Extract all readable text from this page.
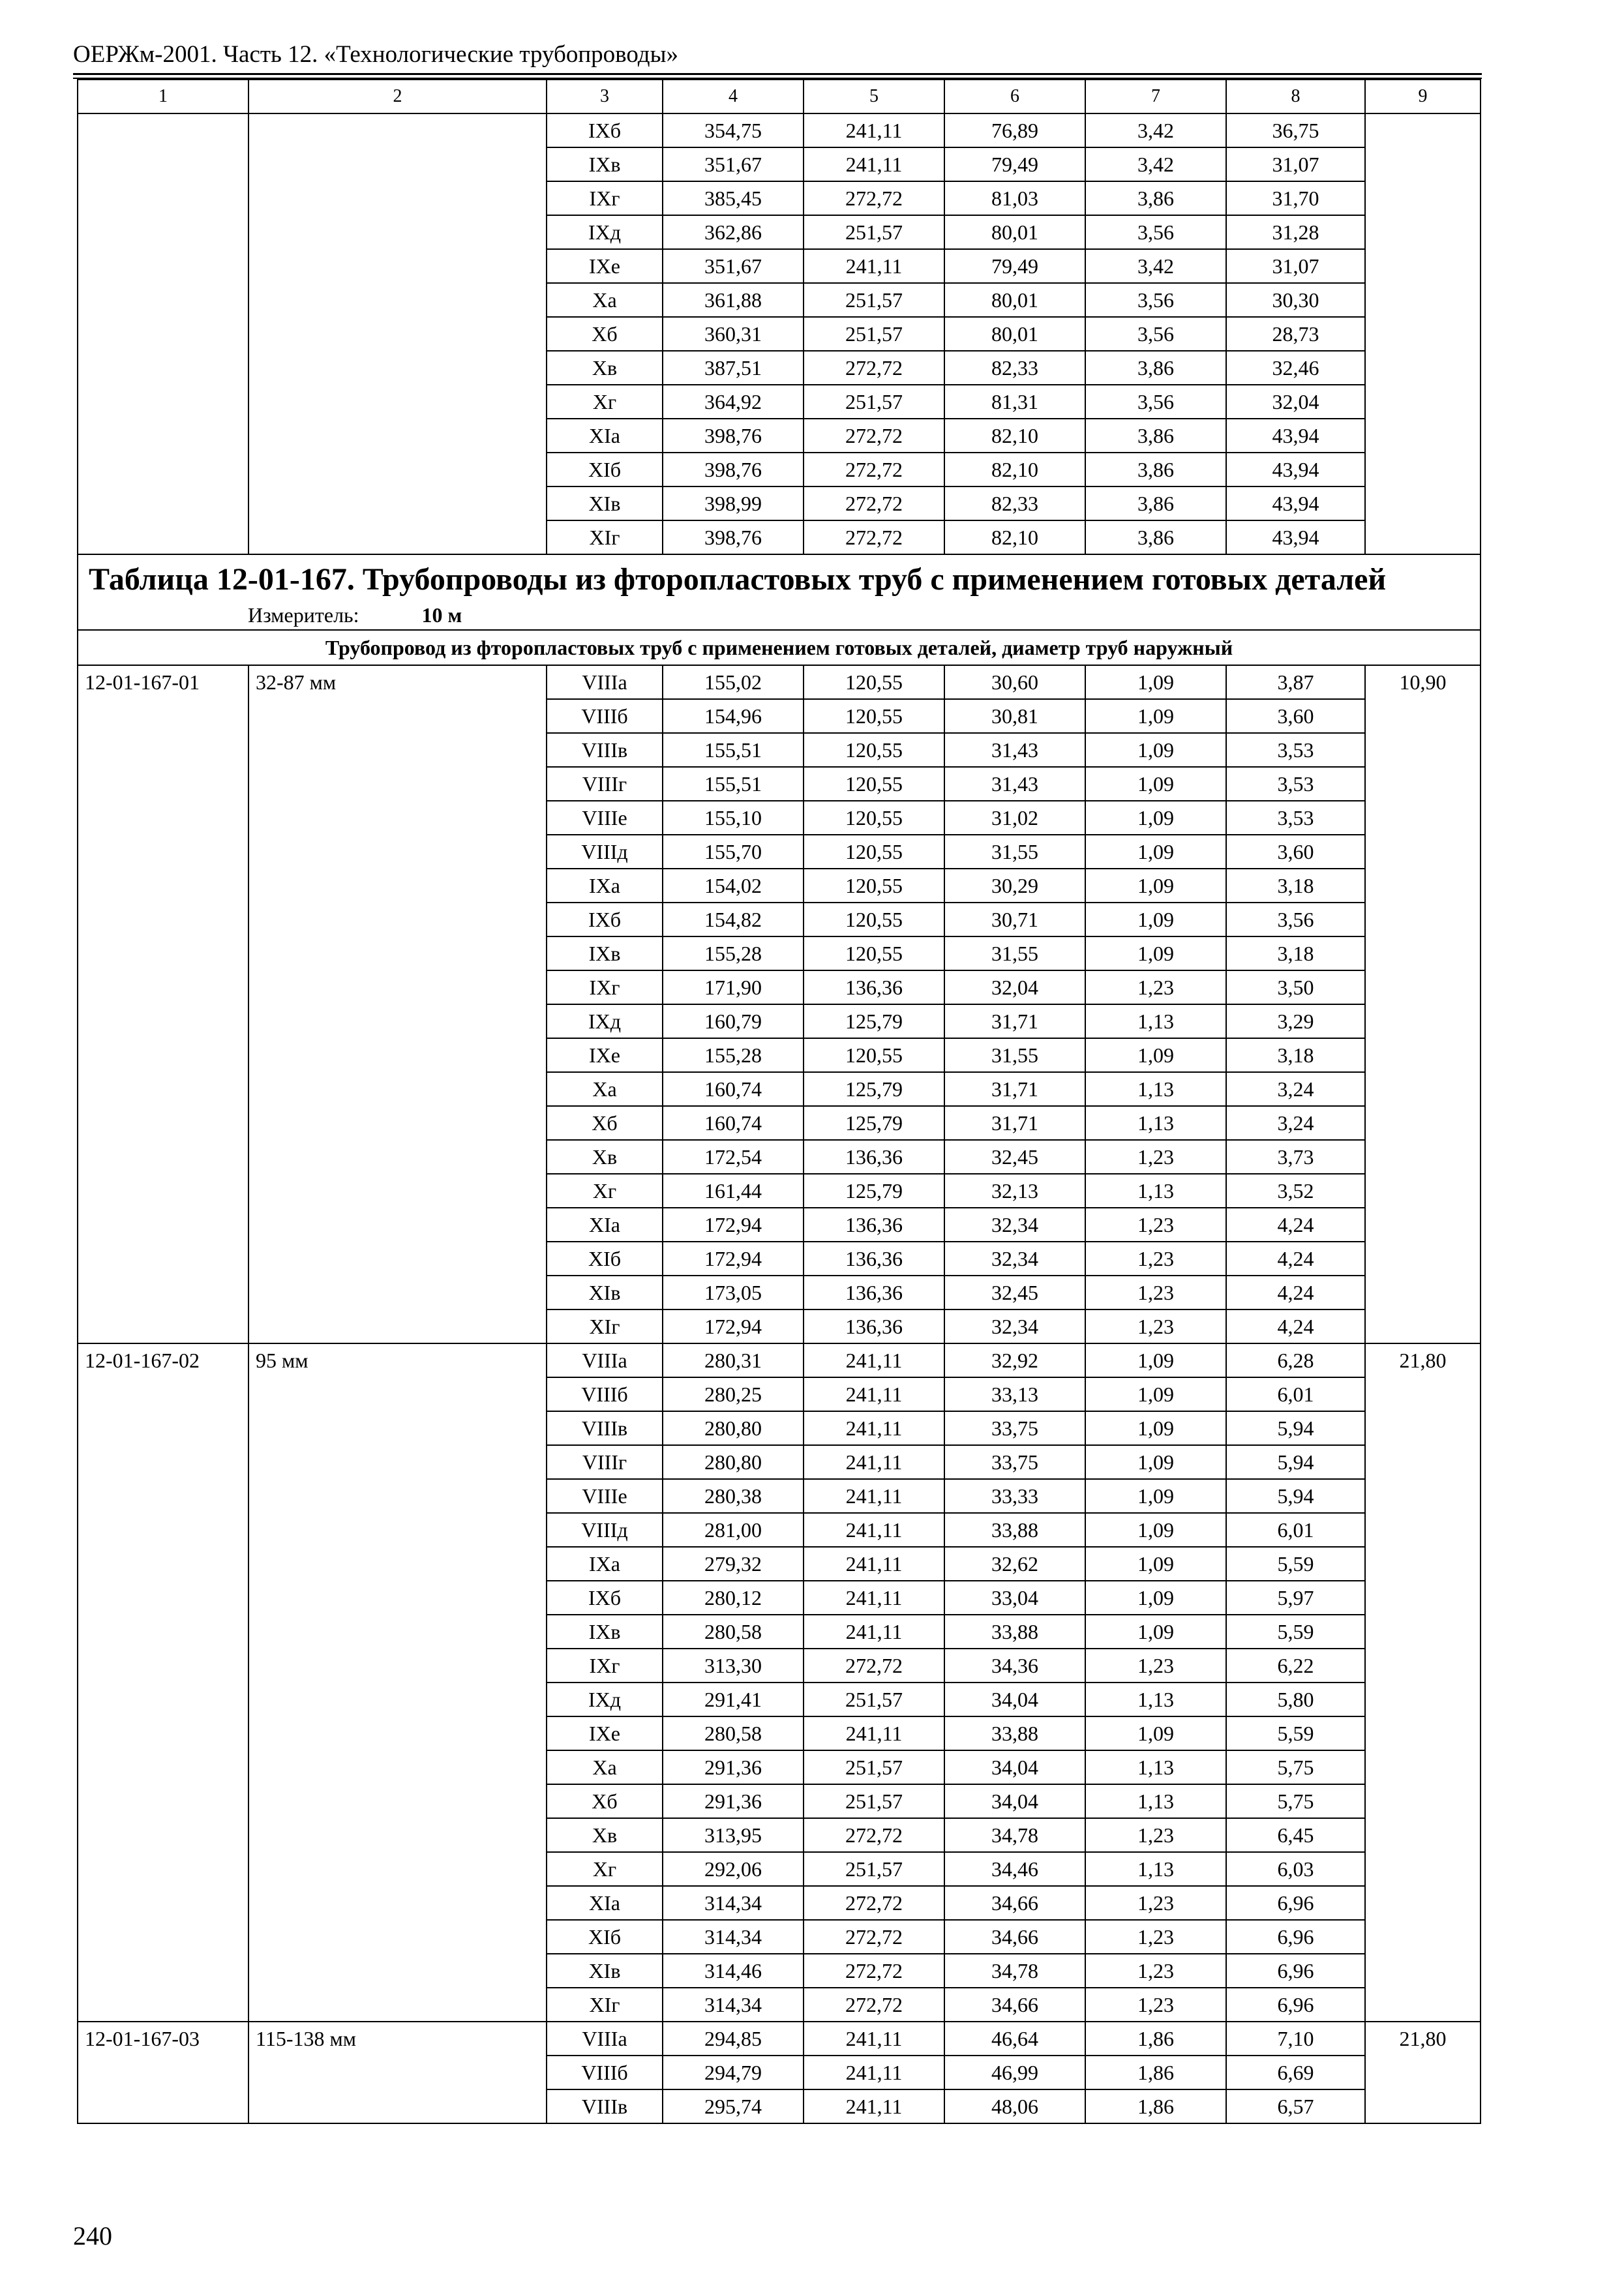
ОЕРЖм-2001. Часть 12. «Технологические трубопроводы»
1	2	3	4	5	6	7	8	9
		IXб	354,75	241,11	76,89	3,42	36,75	
		IXв	351,67	241,11	79,49	3,42	31,07	
		IXг	385,45	272,72	81,03	3,86	31,70	
		IXд	362,86	251,57	80,01	3,56	31,28	
		IXе	351,67	241,11	79,49	3,42	31,07	
		Xа	361,88	251,57	80,01	3,56	30,30	
		Xб	360,31	251,57	80,01	3,56	28,73	
		Xв	387,51	272,72	82,33	3,86	32,46	
		Xг	364,92	251,57	81,31	3,56	32,04	
		XIа	398,76	272,72	82,10	3,86	43,94	
		XIб	398,76	272,72	82,10	3,86	43,94	
		XIв	398,99	272,72	82,33	3,86	43,94	
		XIг	398,76	272,72	82,10	3,86	43,94	

Таблица 12-01-167. Трубопроводы из фторопластовых труб с применением готовых деталей
Измеритель: 10 м								

Трубопровод из фторопластовых труб с применением готовых деталей, диаметр труб наружный								
12-01-167-01	32-87 мм	VIIIа	155,02	120,55	30,60	1,09	3,87	10,90
		VIIIб	154,96	120,55	30,81	1,09	3,60	
		VIIIв	155,51	120,55	31,43	1,09	3,53	
		VIIIг	155,51	120,55	31,43	1,09	3,53	
		VIIIе	155,10	120,55	31,02	1,09	3,53	
		VIIIд	155,70	120,55	31,55	1,09	3,60	
		IXа	154,02	120,55	30,29	1,09	3,18	
		IXб	154,82	120,55	30,71	1,09	3,56	
		IXв	155,28	120,55	31,55	1,09	3,18	
		IXг	171,90	136,36	32,04	1,23	3,50	
		IXд	160,79	125,79	31,71	1,13	3,29	
		IXе	155,28	120,55	31,55	1,09	3,18	
		Xа	160,74	125,79	31,71	1,13	3,24	
		Xб	160,74	125,79	31,71	1,13	3,24	
		Xв	172,54	136,36	32,45	1,23	3,73	
		Xг	161,44	125,79	32,13	1,13	3,52	
		XIа	172,94	136,36	32,34	1,23	4,24	
		XIб	172,94	136,36	32,34	1,23	4,24	
		XIв	173,05	136,36	32,45	1,23	4,24	
		XIг	172,94	136,36	32,34	1,23	4,24	
12-01-167-02	95 мм	VIIIа	280,31	241,11	32,92	1,09	6,28	21,80
		VIIIб	280,25	241,11	33,13	1,09	6,01	
		VIIIв	280,80	241,11	33,75	1,09	5,94	
		VIIIг	280,80	241,11	33,75	1,09	5,94	
		VIIIе	280,38	241,11	33,33	1,09	5,94	
		VIIIд	281,00	241,11	33,88	1,09	6,01	
		IXа	279,32	241,11	32,62	1,09	5,59	
		IXб	280,12	241,11	33,04	1,09	5,97	
		IXв	280,58	241,11	33,88	1,09	5,59	
		IXг	313,30	272,72	34,36	1,23	6,22	
		IXд	291,41	251,57	34,04	1,13	5,80	
		IXе	280,58	241,11	33,88	1,09	5,59	
		Xа	291,36	251,57	34,04	1,13	5,75	
		Xб	291,36	251,57	34,04	1,13	5,75	
		Xв	313,95	272,72	34,78	1,23	6,45	
		Xг	292,06	251,57	34,46	1,13	6,03	
		XIа	314,34	272,72	34,66	1,23	6,96	
		XIб	314,34	272,72	34,66	1,23	6,96	
		XIв	314,46	272,72	34,78	1,23	6,96	
		XIг	314,34	272,72	34,66	1,23	6,96	
12-01-167-03	115-138 мм	VIIIа	294,85	241,11	46,64	1,86	7,10	21,80
		VIIIб	294,79	241,11	46,99	1,86	6,69	
		VIIIв	295,74	241,11	48,06	1,86	6,57	
240
